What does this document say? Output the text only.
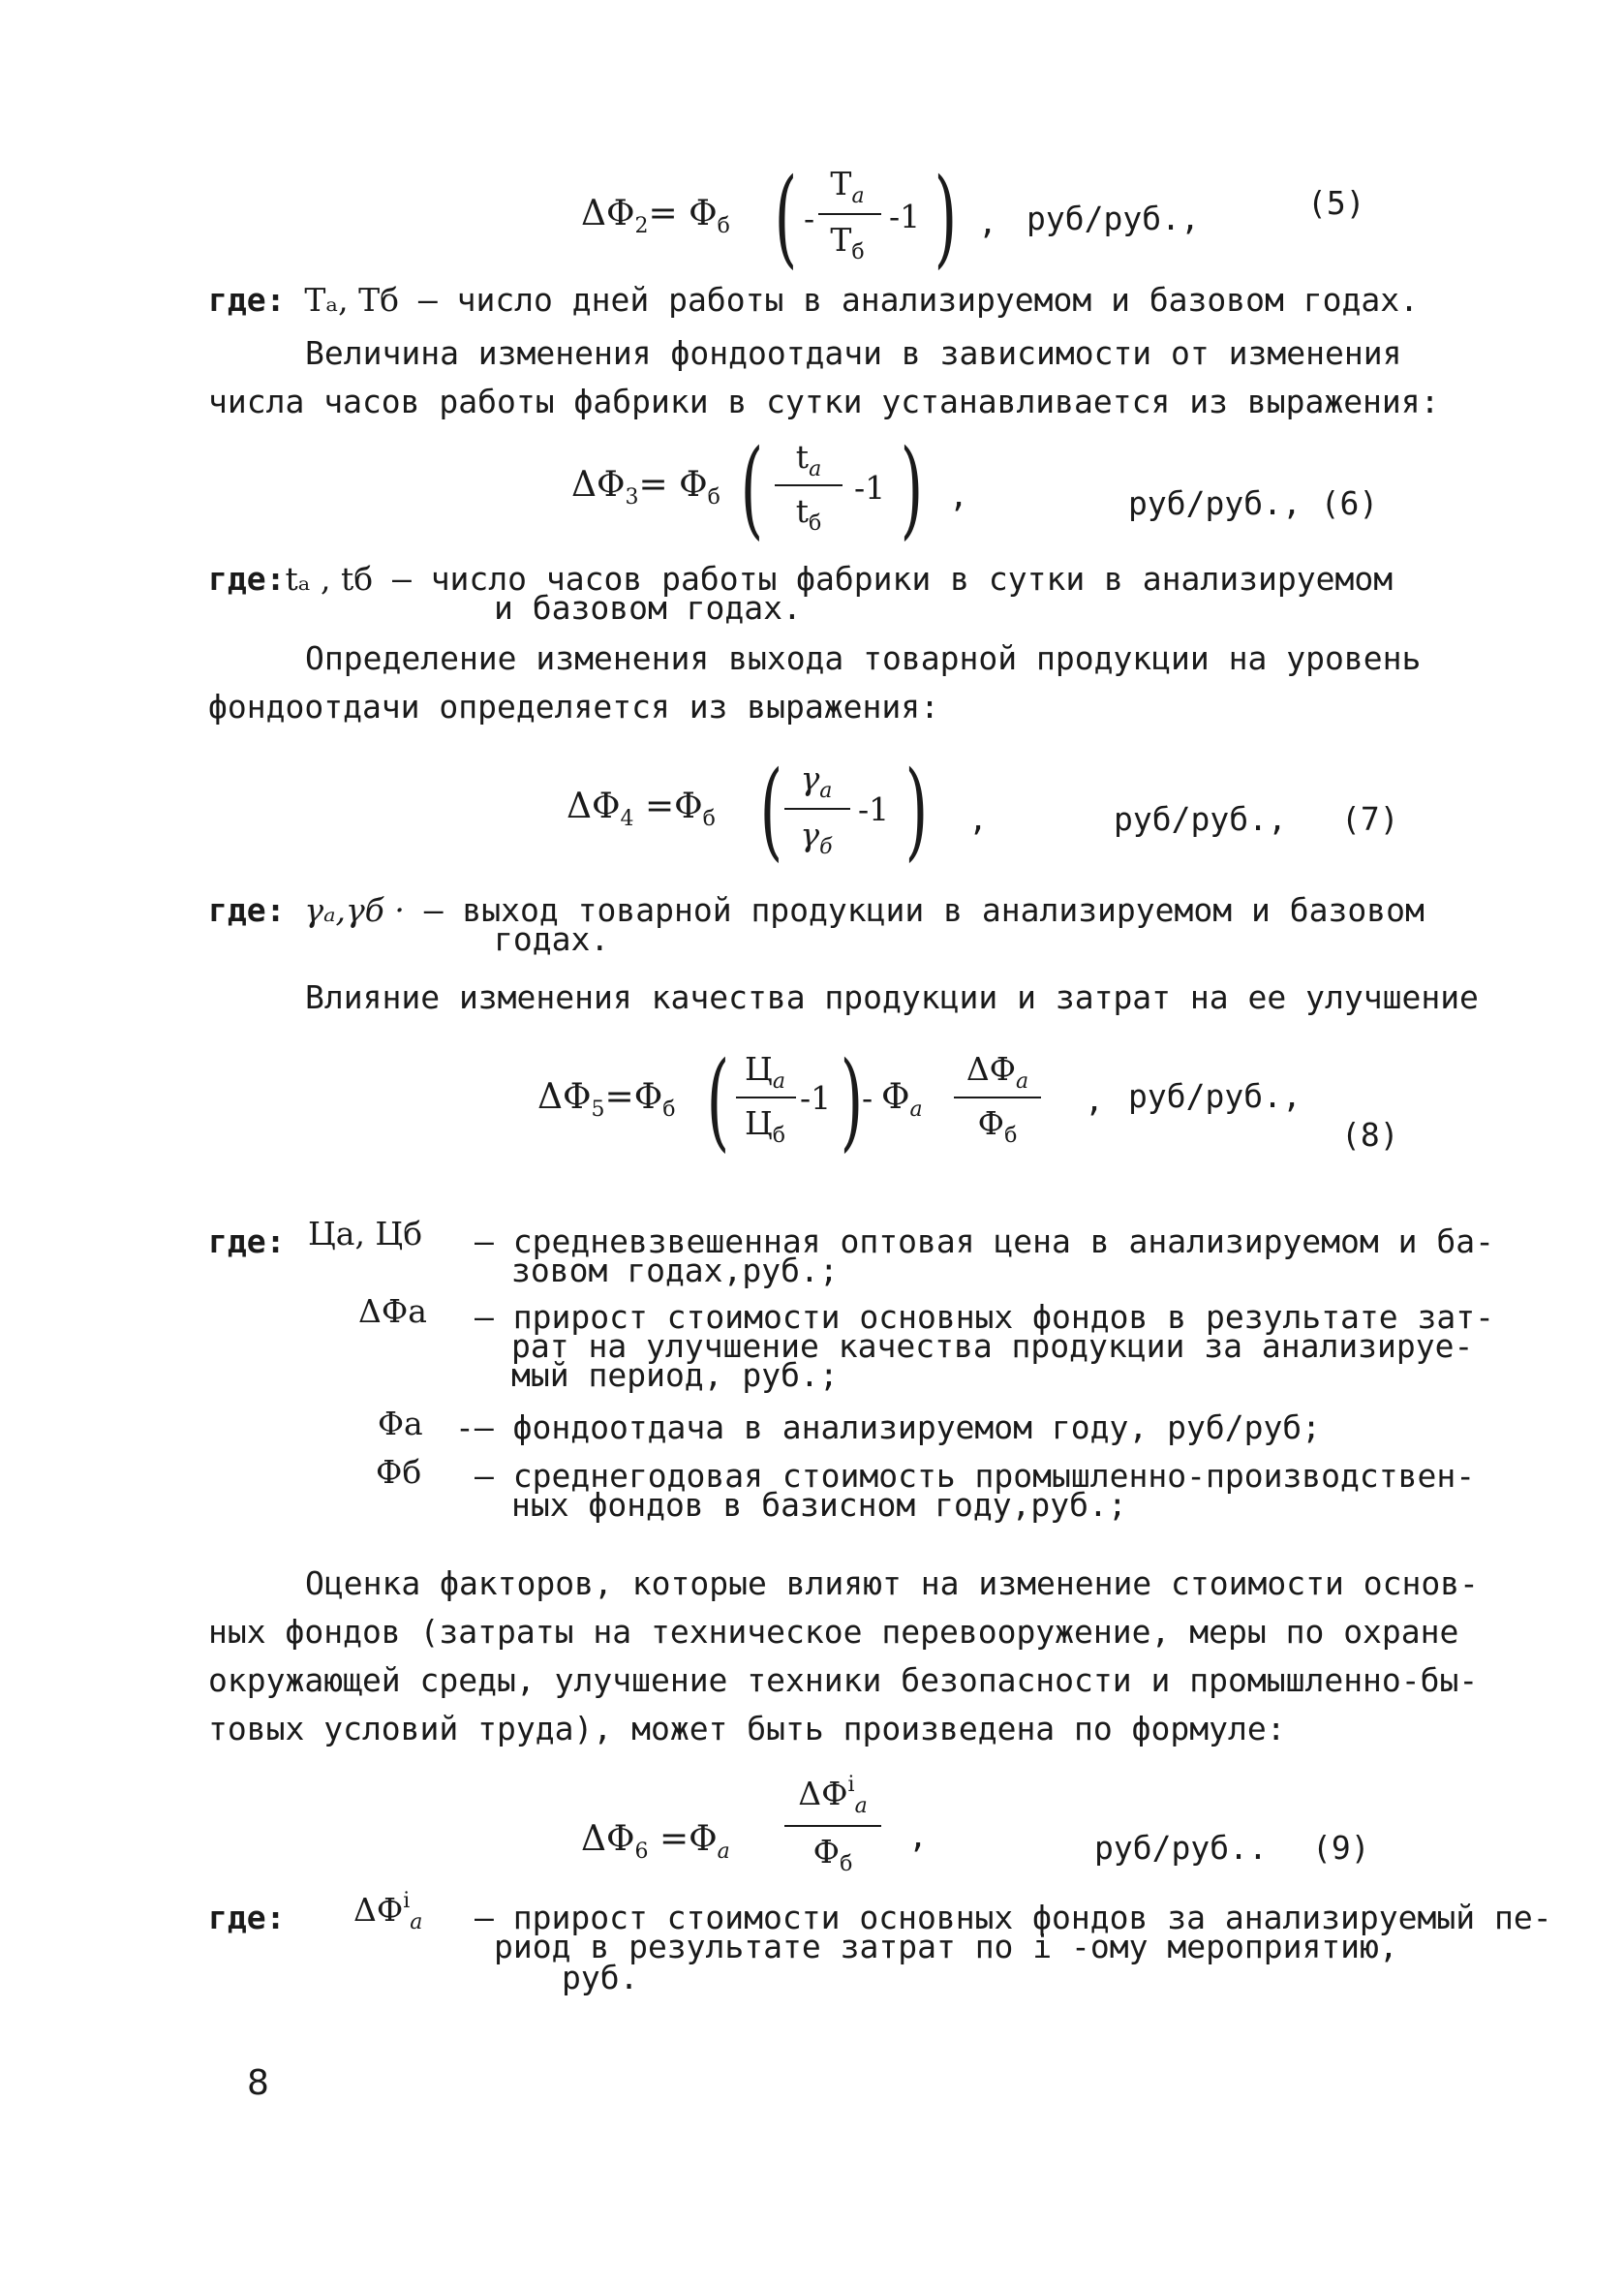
$\Delta\Phi_2= \Phi_б$ ( -
$T_a$
$T_б$
-1 ) , руб/руб.,	(5)
где: Tₐ, Tб – число дней работы в анализируемом и базовом годах.
Величина изменения фондоотдачи в зависимости от изменения
числа часов работы фабрики в сутки устанавливается из выражения:
$\Delta\Phi_3= \Phi_б$ (	$t_a$
$t_б$
-1 ) ,	руб/руб., (6)
где:tₐ , tб – число часов работы фабрики в сутки в анализируемом
и базовом годах.
Определение изменения выхода товарной продукции на уровень
фондоотдачи определяется из выражения:
$\Delta\Phi_4 =\Phi_б$ ( $\gamma_a$
$\gamma_б$
-1 ) ,	руб/руб., (7)
где: γₐ,γб · – выход товарной продукции в анализируемом и базовом
годах.
Влияние изменения качества продукции и затрат на ее улучшение
$\Delta\Phi_5=\Phi_б$ ( $Ц_a$
$Ц_б$
-1 )
- $\Phi_a$
$\Delta Ф_a$
$Ф_б$
, руб/руб.,
(8)
где: Ца, Цб – средневзвешенная оптовая цена в анализируемом и ба-
зовом годах,руб.;
ΔФа – прирост стоимости основных фондов в результате зат-
рат на улучшение качества продукции за анализируе-
мый период, руб.;
Φа -– фондоотдача в анализируемом году, руб/руб;
Фб – среднегодовая стоимость промышленно-производствен-
ных фондов в базисном году,руб.;
Оценка факторов, которые влияют на изменение стоимости основ-
ных фондов (затраты на техническое перевооружение, меры по охране
окружающей среды, улучшение техники безопасности и промышленно-бы-
товых условий труда), может быть произведена по формуле:
$\Delta\Phi_6 =\Phi_a$
$\Delta Ф^i_a$
$Ф_б$
,	руб/руб.. (9)
где: $\Delta Ф^i_a$ – прирост стоимости основных фондов за анализируемый пе-
риод в результате затрат по i -ому мероприятию,
руб.
8
